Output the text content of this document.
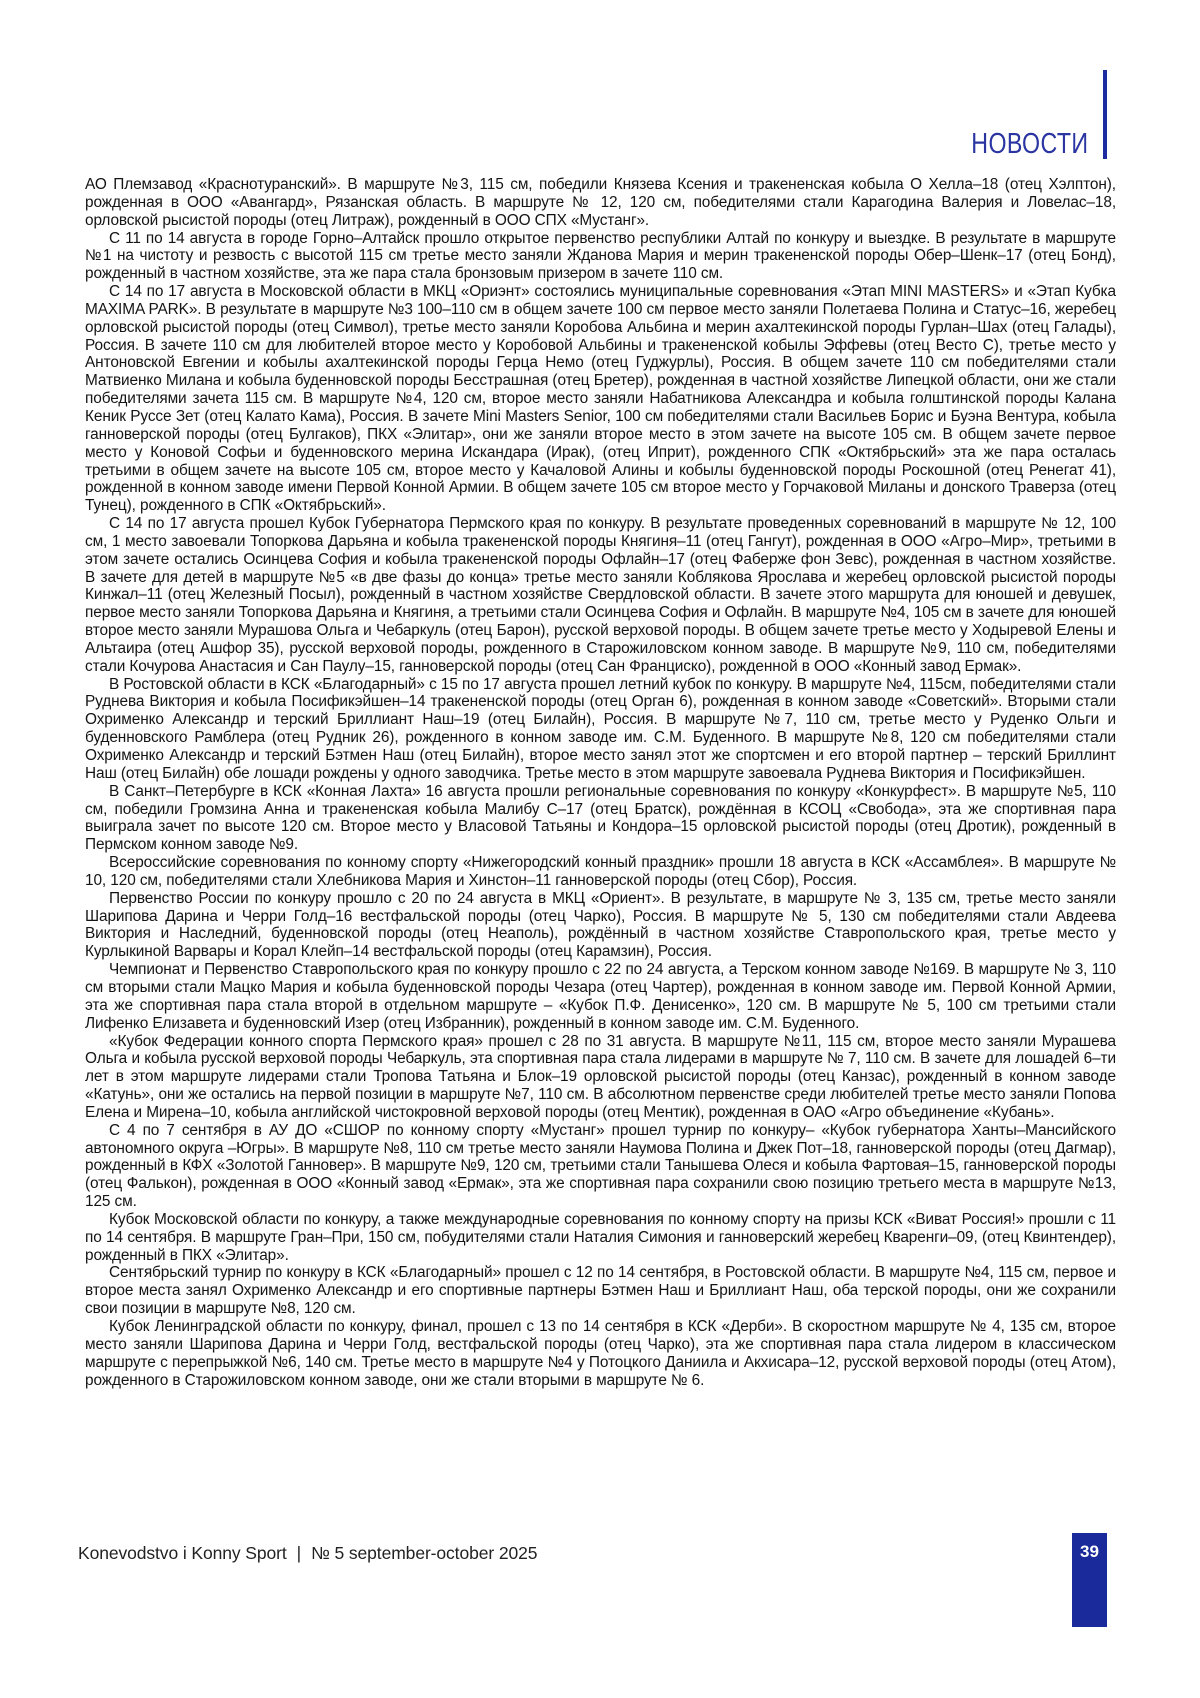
НОВОСТИ

АО Племзавод «Краснотуранский». В маршруте №3, 115 см, победили Князева Ксения и тракененская кобыла О Хелла–18 (отец Хэлптон), рожденная в ООО «Авангард», Рязанская область. В маршруте № 12, 120 см, победителями стали Карагодина Валерия и Ловелас–18, орловской рысистой породы (отец Литраж), рожденный в ООО СПХ «Мустанг».

С 11 по 14 августа в городе Горно–Алтайск прошло открытое первенство республики Алтай по конкуру и выездке. В результате в маршруте №1 на чистоту и резвость с высотой 115 см третье место заняли Жданова Мария и мерин тракененской породы Обер–Шенк–17 (отец Бонд), рожденный в частном хозяйстве, эта же пара стала бронзовым призером в зачете 110 см.

С 14 по 17 августа в Московской области в МКЦ «Ориэнт» состоялись муниципальные соревнования «Этап MINI MASTERS» и «Этап Кубка MAXIMA PARK». В результате в маршруте №3 100–110 см в общем зачете 100 см первое место заняли Полетаева Полина и Статус–16, жеребец орловской рысистой породы (отец Символ), третье место заняли Коробова Альбина и мерин ахалтекинской породы Гурлан–Шах (отец Галады), Россия. В зачете 110 см для любителей второе место у Коробовой Альбины и тракененской кобылы Эффевы (отец Весто С), третье место у Антоновской Евгении и кобылы ахалтекинской породы Герца Немо (отец Гуджурлы), Россия. В общем зачете 110 см победителями стали Матвиенко Милана и кобыла буденновской породы Бесстрашная (отец Бретер), рожденная в частной хозяйстве Липецкой области, они же стали победителями зачета 115 см. В маршруте №4, 120 см, второе место заняли Набатникова Александра и кобыла голштинской породы Калана Кеник Руссе Зет (отец Калато Кама), Россия. В зачете Mini Masters Senior, 100 см победителями стали Васильев Борис и Буэна Вентура, кобыла ганноверской породы (отец Булгаков), ПКХ «Элитар», они же заняли второе место в этом зачете на высоте 105 см. В общем зачете первое место у Коновой Софьи и буденновского мерина Искандара (Ирак), (отец Иприт), рожденного СПК «Октябрьский» эта же пара осталась третьими в общем зачете на высоте 105 см, второе место у Качаловой Алины и кобылы буденновской породы Роскошной (отец Ренегат 41), рожденной в конном заводе имени Первой Конной Армии. В общем зачете 105 см второе место у Горчаковой Миланы и донского Траверза (отец Тунец), рожденного в СПК «Октябрьский».

С 14 по 17 августа прошел Кубок Губернатора Пермского края по конкуру. В результате проведенных соревнований в маршруте № 12, 100 см, 1 место завоевали Топоркова Дарьяна и кобыла тракененской породы Княгиня–11 (отец Гангут), рожденная в ООО «Агро–Мир», третьими в этом зачете остались Осинцева София и кобыла тракененской породы Офлайн–17 (отец Фаберже фон Зевс), рожденная в частном хозяйстве. В зачете для детей в маршруте №5 «в две фазы до конца» третье место заняли Коблякова Ярослава и жеребец орловской рысистой породы Кинжал–11 (отец Железный Посыл), рожденный в частном хозяйстве Свердловской области. В зачете этого маршрута для юношей и девушек, первое место заняли Топоркова Дарьяна и Княгиня, а третьими стали Осинцева София и Офлайн. В маршруте №4, 105 см в зачете для юношей второе место заняли Мурашова Ольга и Чебаркуль (отец Барон), русской верховой породы. В общем зачете третье место у Ходыревой Елены и Альтаира (отец Ашфор 35), русской верховой породы, рожденного в Старожиловском конном заводе. В маршруте №9, 110 см, победителями стали Кочурова Анастасия и Сан Паулу–15, ганноверской породы (отец Сан Франциско), рожденной в ООО «Конный завод Ермак».

В Ростовской области в КСК «Благодарный» с 15 по 17 августа прошел летний кубок по конкуру. В маршруте №4, 115см, победителями стали Руднева Виктория и кобыла Посификэйшен–14 тракененской породы (отец Орган 6), рожденная в конном заводе «Советский». Вторыми стали Охрименко Александр и терский Бриллиант Наш–19 (отец Билайн), Россия. В маршруте №7, 110 см, третье место у Руденко Ольги и буденновского Рамблера (отец Рудник 26), рожденного в конном заводе им. С.М. Буденного. В маршруте №8, 120 см победителями стали Охрименко Александр и терский Бэтмен Наш (отец Билайн), второе место занял этот же спортсмен и его второй партнер – терский Бриллинт Наш (отец Билайн) обе лошади рождены у одного заводчика. Третье место в этом маршруте завоевала Руднева Виктория и Посификэйшен.

В Санкт–Петербурге в КСК «Конная Лахта» 16 августа прошли региональные соревнования по конкуру «Конкурфест». В маршруте №5, 110 см, победили Громзина Анна и тракененская кобыла Малибу С–17 (отец Братск), рождённая в КСОЦ «Свобода», эта же спортивная пара выиграла зачет по высоте 120 см. Второе место у Власовой Татьяны и Кондора–15 орловской рысистой породы (отец Дротик), рожденный в Пермском конном заводе №9.

Всероссийские соревнования по конному спорту «Нижегородский конный праздник» прошли 18 августа в КСК «Ассамблея». В маршруте № 10, 120 см, победителями стали Хлебникова Мария и Хинстон–11 ганноверской породы (отец Сбор), Россия.

Первенство России по конкуру прошло с 20 по 24 августа в МКЦ «Ориент». В результате, в маршруте № 3, 135 см, третье место заняли Шарипова Дарина и Черри Голд–16 вестфальской породы (отец Чарко), Россия. В маршруте № 5, 130 см победителями стали Авдеева Виктория и Наследний, буденновской породы (отец Неаполь), рождённый в частном хозяйстве Ставропольского края, третье место у Курлыкиной Варвары и Корал Клейп–14 вестфальской породы (отец Карамзин), Россия.

Чемпионат и Первенство Ставропольского края по конкуру прошло с 22 по 24 августа, а Терском конном заводе №169. В маршруте № 3, 110 см вторыми стали Мацко Мария и кобыла буденновской породы Чезара (отец Чартер), рожденная в конном заводе им. Первой Конной Армии, эта же спортивная пара стала второй в отдельном маршруте – «Кубок П.Ф. Денисенко», 120 см. В маршруте № 5, 100 см третьими стали Лифенко Елизавета и буденновский Изер (отец Избранник), рожденный в конном заводе им. С.М. Буденного.

«Кубок Федерации конного спорта Пермского края» прошел с 28 по 31 августа. В маршруте №11, 115 см, второе место заняли Мурашева Ольга и кобыла русской верховой породы Чебаркуль, эта спортивная пара стала лидерами в маршруте № 7, 110 см. В зачете для лошадей 6–ти лет в этом маршруте лидерами стали Тропова Татьяна и Блок–19 орловской рысистой породы (отец Канзас), рожденный в конном заводе «Катунь», они же остались на первой позиции в маршруте №7, 110 см. В абсолютном первенстве среди любителей третье место заняли Попова Елена и Мирена–10, кобыла английской чистокровной верховой породы (отец Ментик), рожденная в ОАО «Агро объединение «Кубань».

С 4 по 7 сентября в АУ ДО «СШОР по конному спорту «Мустанг» прошел турнир по конкуру– «Кубок губернатора Ханты–Мансийского автономного округа –Югры». В маршруте №8, 110 см третье место заняли Наумова Полина и Джек Пот–18, ганноверской породы (отец Дагмар), рожденный в КФХ «Золотой Ганновер». В маршруте №9, 120 см, третьими стали Танышева Олеся и кобыла Фартовая–15, ганноверской породы (отец Фалькон), рожденная в ООО «Конный завод «Ермак», эта же спортивная пара сохранили свою позицию третьего места в маршруте №13, 125 см.

Кубок Московской области по конкуру, а также международные соревнования по конному спорту на призы КСК «Виват Россия!» прошли с 11 по 14 сентября. В маршруте Гран–При, 150 см, побудителями стали Наталия Симония и ганноверский жеребец Кваренги–09, (отец Квинтендер), рожденный в ПКХ «Элитар».

Сентябрьский турнир по конкуру в КСК «Благодарный» прошел с 12 по 14 сентября, в Ростовской области. В маршруте №4, 115 см, первое и второе места занял Охрименко Александр и его спортивные партнеры Бэтмен Наш и Бриллиант Наш, оба терской породы, они же сохранили свои позиции в маршруте №8, 120 см.

Кубок Ленинградской области по конкуру, финал, прошел с 13 по 14 сентября в КСК «Дерби». В скоростном маршруте № 4, 135 см, второе место заняли Шарипова Дарина и Черри Голд, вестфальской породы (отец Чарко), эта же спортивная пара стала лидером в классическом маршруте с перепрыжкой №6, 140 см. Третье место в маршруте №4 у Потоцкого Даниила и Акхисара–12, русской верховой породы (отец Атом), рожденного в Старожиловском конном заводе, они же стали вторыми в маршруте № 6.

Konevodstvo i Konny Sport | № 5 september-october 2025	39
